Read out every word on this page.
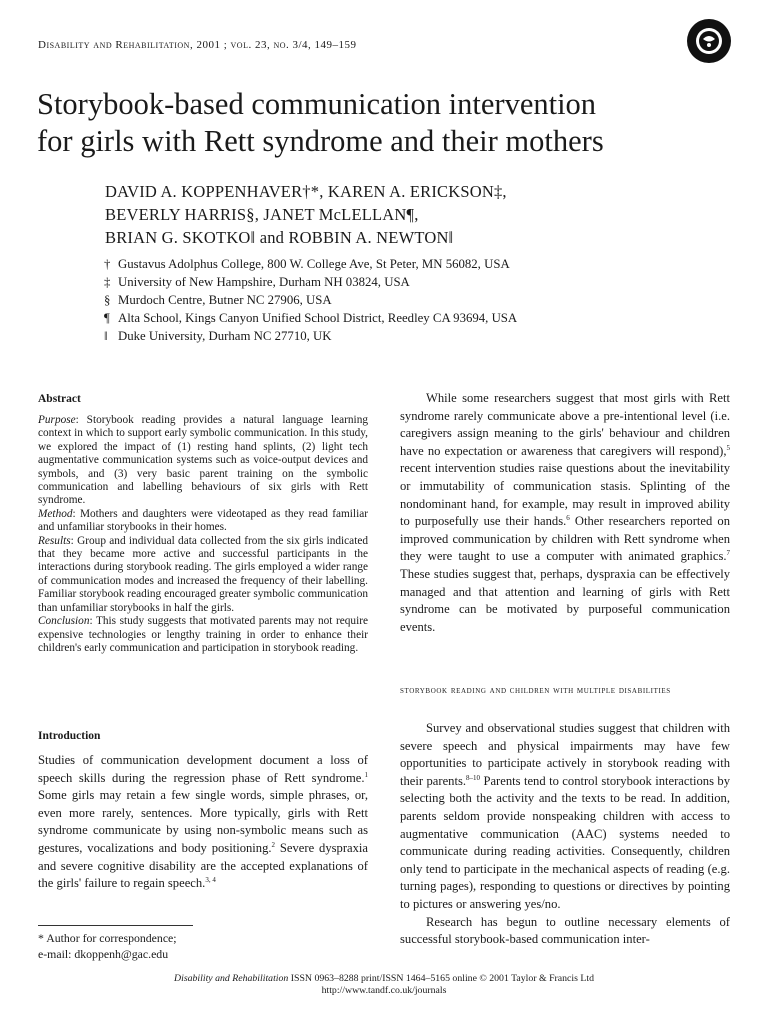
Disability and Rehabilitation, 2001 ; vol. 23, no. 3/4, 149–159
Storybook-based communication intervention
for girls with Rett syndrome and their mothers
DAVID A. KOPPENHAVER†*, KAREN A. ERICKSON‡,
BEVERLY HARRIS§, JANET McLELLAN¶,
BRIAN G. SKOTKO‖ and ROBBIN A. NEWTON‖
† Gustavus Adolphus College, 800 W. College Ave, St Peter, MN 56082, USA
‡ University of New Hampshire, Durham NH 03824, USA
§ Murdoch Centre, Butner NC 27906, USA
¶ Alta School, Kings Canyon Unified School District, Reedley CA 93694, USA
‖ Duke University, Durham NC 27710, UK
Abstract

Purpose: Storybook reading provides a natural language learning context in which to support early symbolic communication. In this study, we explored the impact of (1) resting hand splints, (2) light tech augmentative communication systems such as voice-output devices and symbols, and (3) very basic parent training on the symbolic communication and labelling behaviours of six girls with Rett syndrome.

Method: Mothers and daughters were videotaped as they read familiar and unfamiliar storybooks in their homes.

Results: Group and individual data collected from the six girls indicated that they became more active and successful participants in the interactions during storybook reading. The girls employed a wider range of communication modes and increased the frequency of their labelling. Familiar storybook reading encouraged greater symbolic communication than unfamiliar storybooks in half the girls.

Conclusion: This study suggests that motivated parents may not require expensive technologies or lengthy training in order to enhance their children's early communication and participation in storybook reading.

Introduction

Studies of communication development document a loss of speech skills during the regression phase of Rett syndrome.$^1$ Some girls may retain a few single words, simple phrases, or, even more rarely, sentences. More typically, girls with Rett syndrome communicate by using non-symbolic means such as gestures, vocalizations and body positioning.$^2$ Severe dyspraxia and severe cognitive disability are the accepted explanations of the girls' failure to regain speech.$^{3, 4}$

* Author for correspondence;
e-mail: dkoppenh@gac.edu

While some researchers suggest that most girls with Rett syndrome rarely communicate above a pre-intentional level (i.e. caregivers assign meaning to the girls' behaviour and children have no expectation or awareness that caregivers will respond),$^5$ recent intervention studies raise questions about the inevitability or immutability of communication stasis. Splinting of the nondominant hand, for example, may result in improved ability to purposefully use their hands.$^6$ Other researchers reported on improved communication by children with Rett syndrome when they were taught to use a computer with animated graphics.$^7$ These studies suggest that, perhaps, dyspraxia can be effectively managed and that attention and learning of girls with Rett syndrome can be motivated by purposeful communication events.

storybook reading and children with multiple disabilities

Survey and observational studies suggest that children with severe speech and physical impairments may have few opportunities to participate actively in storybook reading with their parents.$^{8-10}$ Parents tend to control storybook interactions by selecting both the activity and the texts to be read. In addition, parents seldom provide nonspeaking children with access to augmentative communication (AAC) systems needed to communicate during reading activities. Consequently, children only tend to participate in the mechanical aspects of reading (e.g. turning pages), responding to questions or directives by pointing to pictures or answering yes/no.
Research has begun to outline necessary elements of successful storybook-based communication inter-

Disability and Rehabilitation ISSN 0963–8288 print/ISSN 1464–5165 online © 2001 Taylor & Francis Ltd
http://www.tandf.co.uk/journals
